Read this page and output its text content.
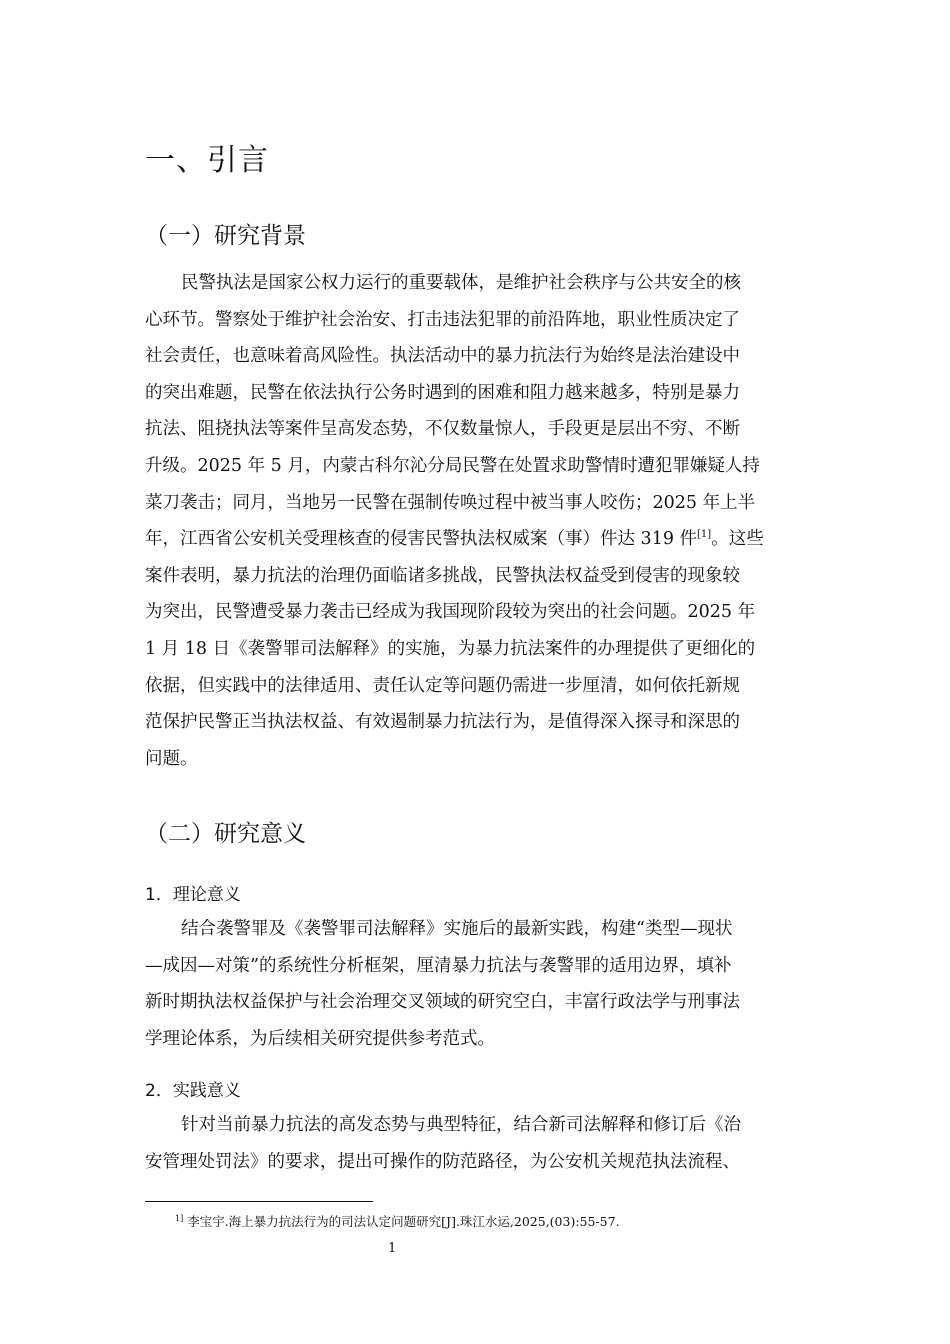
一、引言
（一）研究背景
民警执法是国家公权力运行的重要载体，是维护社会秩序与公共安全的核
心环节。警察处于维护社会治安、打击违法犯罪的前沿阵地，职业性质决定了
社会责任，也意味着高风险性。执法活动中的暴力抗法行为始终是法治建设中
的突出难题，民警在依法执行公务时遇到的困难和阻力越来越多，特别是暴力
抗法、阻挠执法等案件呈高发态势，不仅数量惊人，手段更是层出不穷、不断
升级。2025 年 5 月，内蒙古科尔沁分局民警在处置求助警情时遭犯罪嫌疑人持
菜刀袭击；同月，当地另一民警在强制传唤过程中被当事人咬伤；2025 年上半
年，江西省公安机关受理核查的侵害民警执法权威案（事）件达 319 件[1]。这些
案件表明，暴力抗法的治理仍面临诸多挑战，民警执法权益受到侵害的现象较
为突出，民警遭受暴力袭击已经成为我国现阶段较为突出的社会问题。2025 年
1 月 18 日《袭警罪司法解释》的实施，为暴力抗法案件的办理提供了更细化的
依据，但实践中的法律适用、责任认定等问题仍需进一步厘清，如何依托新规
范保护民警正当执法权益、有效遏制暴力抗法行为，是值得深入探寻和深思的
问题。
（二）研究意义
1．理论意义
结合袭警罪及《袭警罪司法解释》实施后的最新实践，构建“类型—现状
—成因—对策”的系统性分析框架，厘清暴力抗法与袭警罪的适用边界，填补
新时期执法权益保护与社会治理交叉领域的研究空白，丰富行政法学与刑事法
学理论体系，为后续相关研究提供参考范式。
2．实践意义
针对当前暴力抗法的高发态势与典型特征，结合新司法解释和修订后《治
安管理处罚法》的要求，提出可操作的防范路径，为公安机关规范执法流程、
$^{1]}$ 李宝宇.海上暴力抗法行为的司法认定问题研究[J].珠江水运,2025,(03):55-57.
1
